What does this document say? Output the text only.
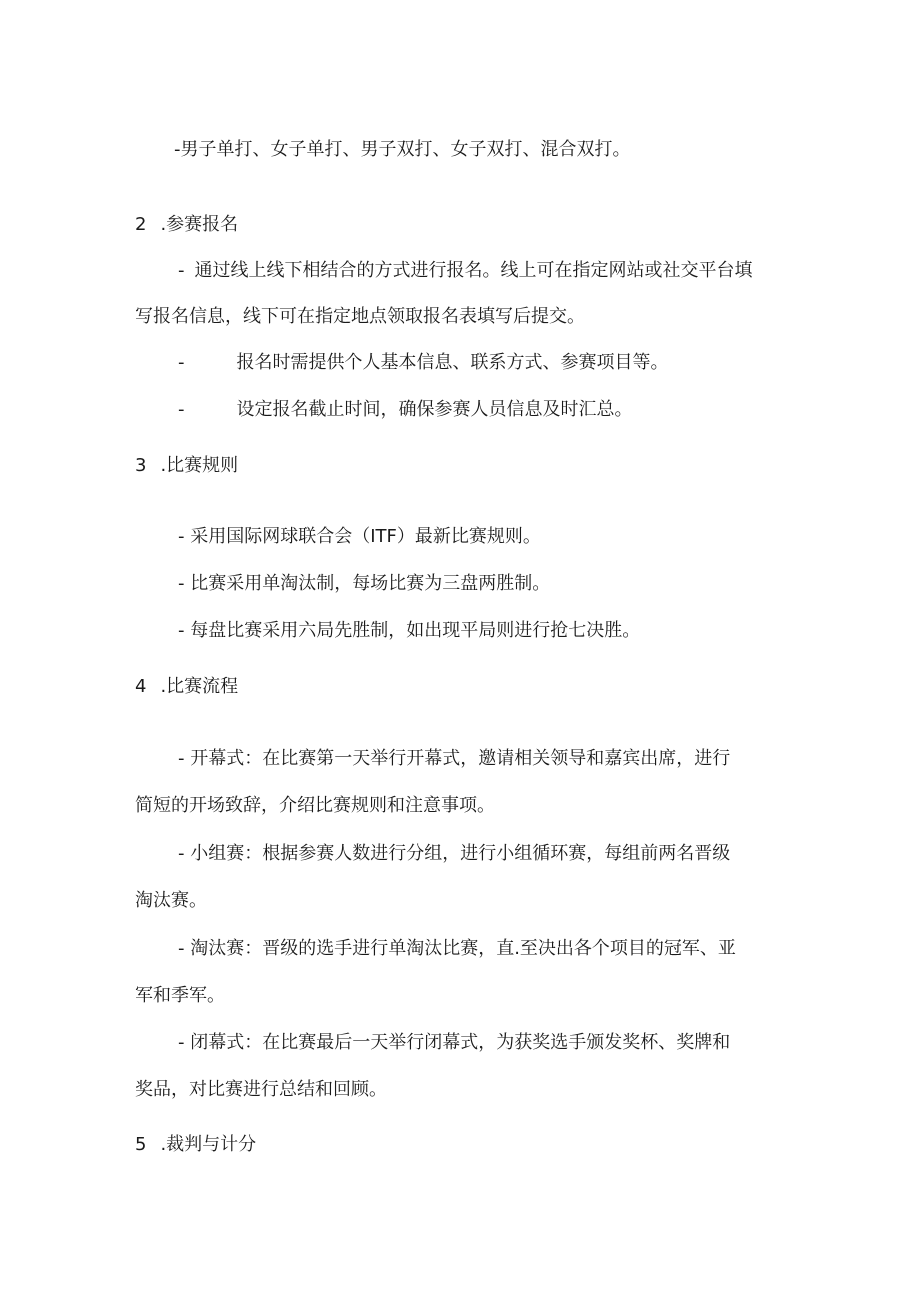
-男子单打、女子单打、男子双打、女子双打、混合双打。
2 .参赛报名
- 通过线上线下相结合的方式进行报名。线上可在指定网站或社交平台填
写报名信息，线下可在指定地点领取报名表填写后提交。
-	报名时需提供个人基本信息、联系方式、参赛项目等。
-	设定报名截止时间，确保参赛人员信息及时汇总。
3 .比赛规则
- 采用国际网球联合会（ITF）最新比赛规则。
- 比赛采用单淘汰制，每场比赛为三盘两胜制。
- 每盘比赛采用六局先胜制，如出现平局则进行抢七决胜。
4 .比赛流程
- 开幕式：在比赛第一天举行开幕式，邀请相关领导和嘉宾出席，进行
简短的开场致辞，介绍比赛规则和注意事项。
- 小组赛：根据参赛人数进行分组，进行小组循环赛，每组前两名晋级
淘汰赛。
- 淘汰赛：晋级的选手进行单淘汰比赛，直.至决出各个项目的冠军、亚
军和季军。
- 闭幕式：在比赛最后一天举行闭幕式，为获奖选手颁发奖杯、奖牌和
奖品，对比赛进行总结和回顾。
5 .裁判与计分
